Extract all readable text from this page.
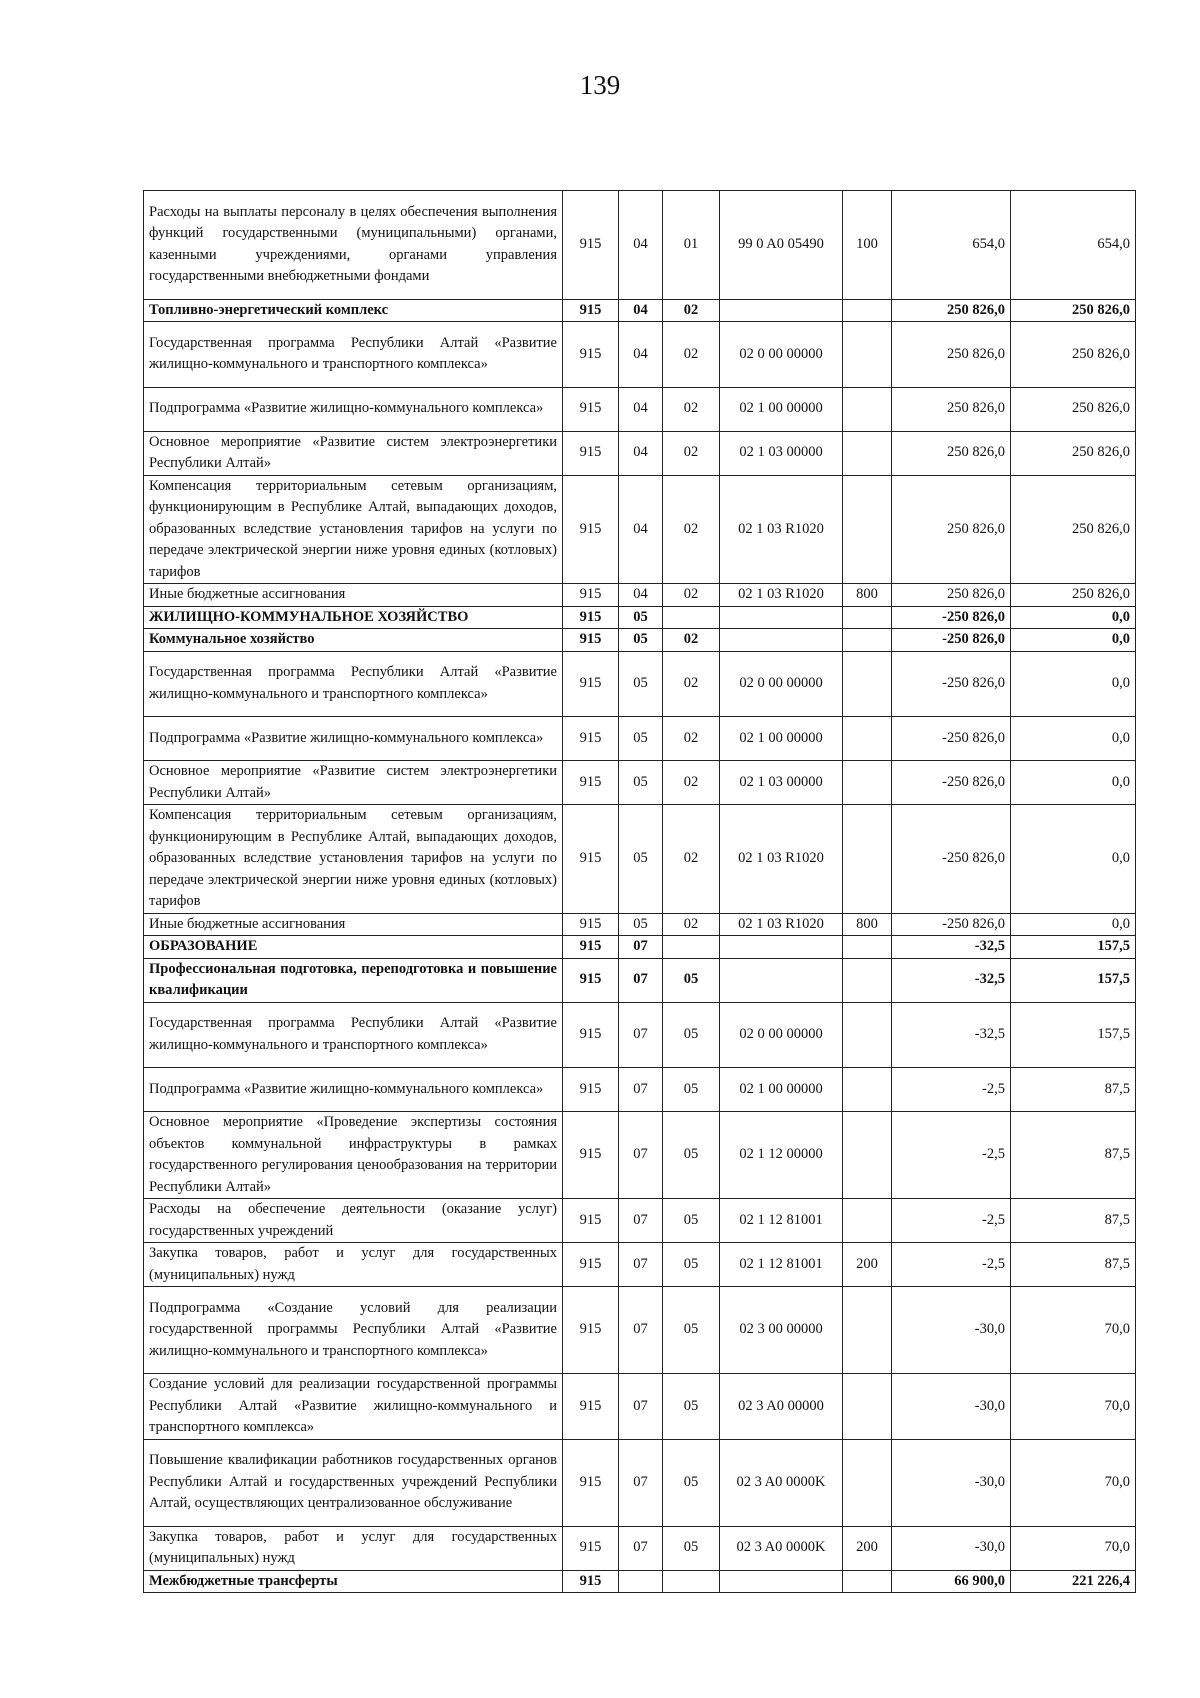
139
Расходы на выплаты персоналу в целях обеспечения выполнения функций государственными (муниципальными) органами, казенными учреждениями, органами управления государственными внебюджетными фондами	915	04	01	99 0 A0 05490	100	654,0	654,0
Топливно-энергетический комплекс	915	04	02			250 826,0	250 826,0
Государственная программа Республики Алтай «Развитие жилищно-коммунального и транспортного комплекса»	915	04	02	02 0 00 00000		250 826,0	250 826,0
Подпрограмма «Развитие жилищно-коммунального комплекса»	915	04	02	02 1 00 00000		250 826,0	250 826,0
Основное мероприятие «Развитие систем электроэнергетики Республики Алтай»	915	04	02	02 1 03 00000		250 826,0	250 826,0
Компенсация территориальным сетевым организациям, функционирующим в Республике Алтай, выпадающих доходов, образованных вследствие установления тарифов на услуги по передаче электрической энергии ниже уровня единых (котловых) тарифов	915	04	02	02 1 03 R1020		250 826,0	250 826,0
Иные бюджетные ассигнования	915	04	02	02 1 03 R1020	800	250 826,0	250 826,0
ЖИЛИЩНО-КОММУНАЛЬНОЕ ХОЗЯЙСТВО	915	05				-250 826,0	0,0
Коммунальное хозяйство	915	05	02			-250 826,0	0,0
Государственная программа Республики Алтай «Развитие жилищно-коммунального и транспортного комплекса»	915	05	02	02 0 00 00000		-250 826,0	0,0
Подпрограмма «Развитие жилищно-коммунального комплекса»	915	05	02	02 1 00 00000		-250 826,0	0,0
Основное мероприятие «Развитие систем электроэнергетики Республики Алтай»	915	05	02	02 1 03 00000		-250 826,0	0,0
Компенсация территориальным сетевым организациям, функционирующим в Республике Алтай, выпадающих доходов, образованных вследствие установления тарифов на услуги по передаче электрической энергии ниже уровня единых (котловых) тарифов	915	05	02	02 1 03 R1020		-250 826,0	0,0
Иные бюджетные ассигнования	915	05	02	02 1 03 R1020	800	-250 826,0	0,0
ОБРАЗОВАНИЕ	915	07				-32,5	157,5
Профессиональная подготовка, переподготовка и повышение квалификации	915	07	05			-32,5	157,5
Государственная программа Республики Алтай «Развитие жилищно-коммунального и транспортного комплекса»	915	07	05	02 0 00 00000		-32,5	157,5
Подпрограмма «Развитие жилищно-коммунального комплекса»	915	07	05	02 1 00 00000		-2,5	87,5
Основное мероприятие «Проведение экспертизы состояния объектов коммунальной инфраструктуры в рамках государственного регулирования ценообразования на территории Республики Алтай»	915	07	05	02 1 12 00000		-2,5	87,5
Расходы на обеспечение деятельности (оказание услуг) государственных учреждений	915	07	05	02 1 12 81001		-2,5	87,5
Закупка товаров, работ и услуг для государственных (муниципальных) нужд	915	07	05	02 1 12 81001	200	-2,5	87,5
Подпрограмма «Создание условий для реализации государственной программы Республики Алтай «Развитие жилищно-коммунального и транспортного комплекса»	915	07	05	02 3 00 00000		-30,0	70,0
Создание условий для реализации государственной программы Республики Алтай «Развитие жилищно-коммунального и транспортного комплекса»	915	07	05	02 3 A0 00000		-30,0	70,0
Повышение квалификации работников государственных органов Республики Алтай и государственных учреждений Республики Алтай, осуществляющих централизованное обслуживание	915	07	05	02 3 A0 0000K		-30,0	70,0
Закупка товаров, работ и услуг для государственных (муниципальных) нужд	915	07	05	02 3 A0 0000K	200	-30,0	70,0
Межбюджетные трансферты	915					66 900,0	221 226,4
